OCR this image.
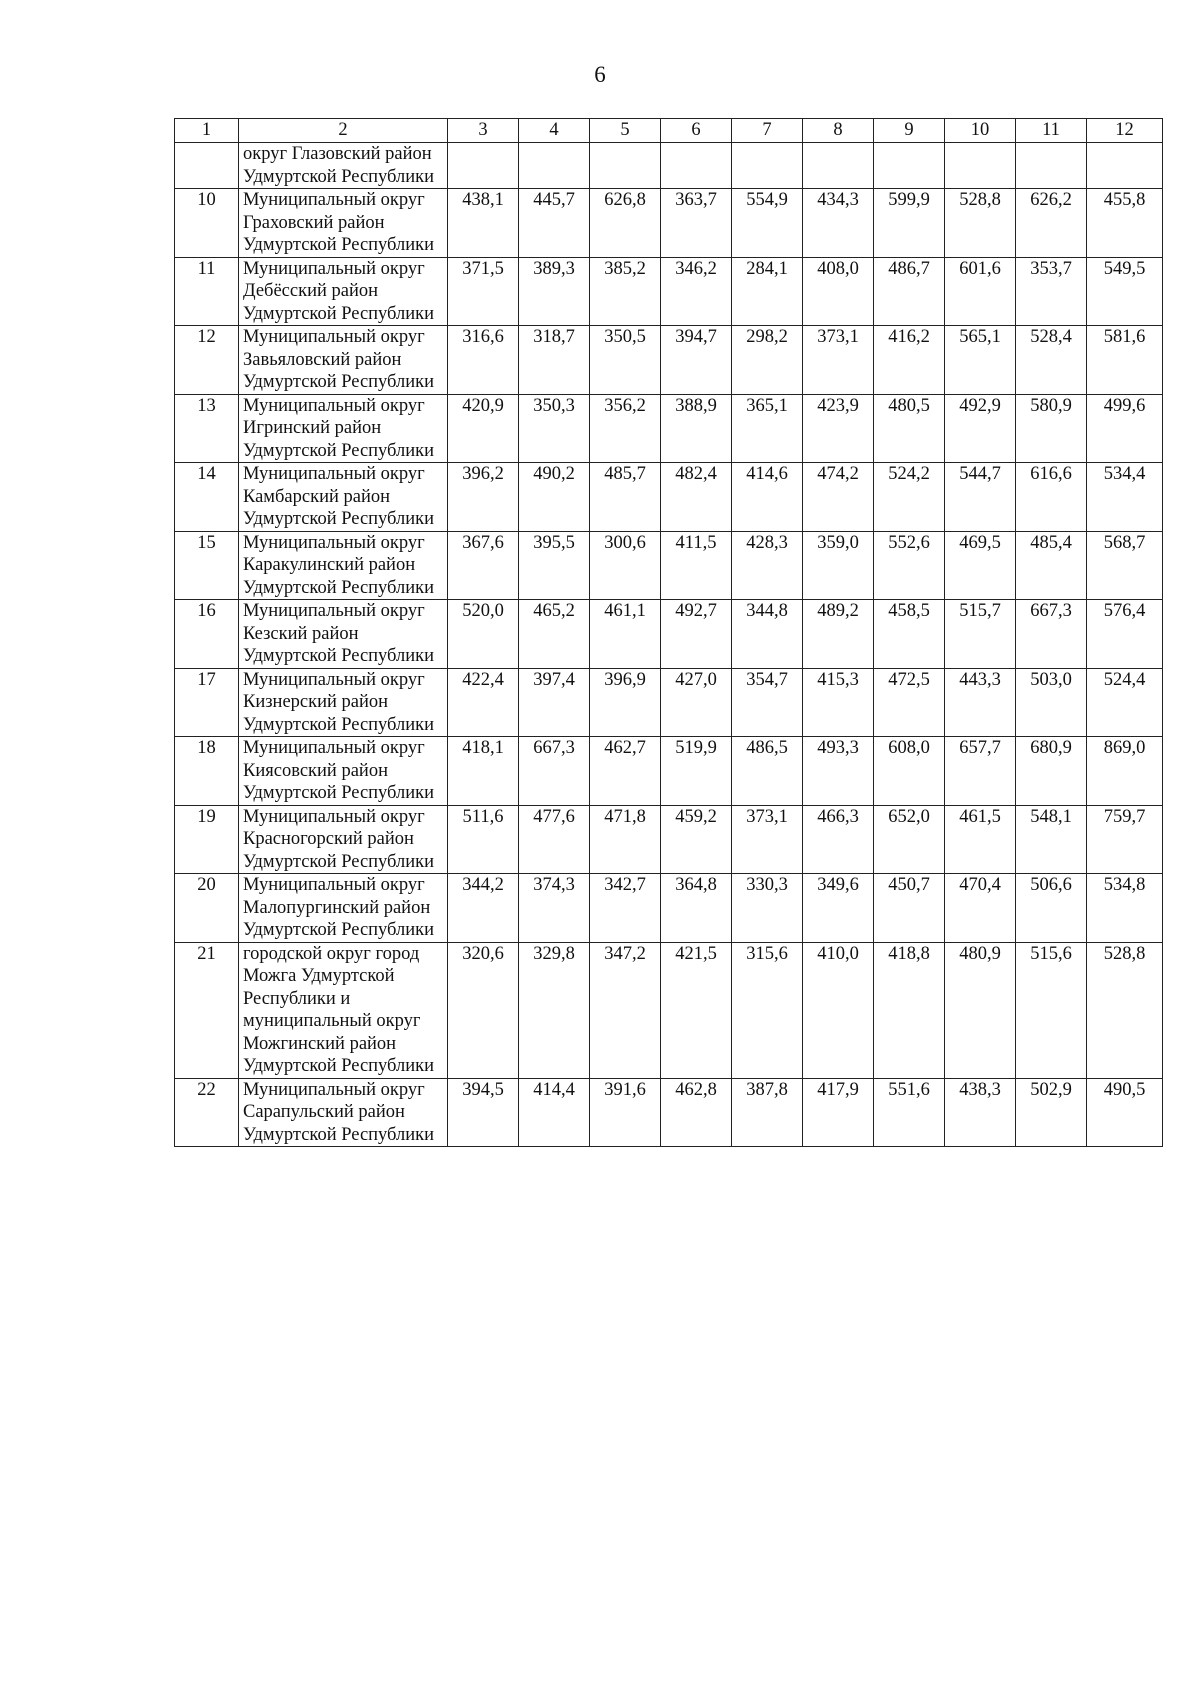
6
1	2	3	4	5	6	7	8	9	10	11	12
	округ Глазовский район Удмуртской Республики										
10	Муниципальный округ Граховский район Удмуртской Республики	438,1	445,7	626,8	363,7	554,9	434,3	599,9	528,8	626,2	455,8
11	Муниципальный округ Дебёсский район Удмуртской Республики	371,5	389,3	385,2	346,2	284,1	408,0	486,7	601,6	353,7	549,5
12	Муниципальный округ Завьяловский район Удмуртской Республики	316,6	318,7	350,5	394,7	298,2	373,1	416,2	565,1	528,4	581,6
13	Муниципальный округ Игринский район Удмуртской Республики	420,9	350,3	356,2	388,9	365,1	423,9	480,5	492,9	580,9	499,6
14	Муниципальный округ Камбарский район Удмуртской Республики	396,2	490,2	485,7	482,4	414,6	474,2	524,2	544,7	616,6	534,4
15	Муниципальный округ Каракулинский район Удмуртской Республики	367,6	395,5	300,6	411,5	428,3	359,0	552,6	469,5	485,4	568,7
16	Муниципальный округ Кезский район Удмуртской Республики	520,0	465,2	461,1	492,7	344,8	489,2	458,5	515,7	667,3	576,4
17	Муниципальный округ Кизнерский район Удмуртской Республики	422,4	397,4	396,9	427,0	354,7	415,3	472,5	443,3	503,0	524,4
18	Муниципальный округ Киясовский район Удмуртской Республики	418,1	667,3	462,7	519,9	486,5	493,3	608,0	657,7	680,9	869,0
19	Муниципальный округ Красногорский район Удмуртской Республики	511,6	477,6	471,8	459,2	373,1	466,3	652,0	461,5	548,1	759,7
20	Муниципальный округ Малопургинский район Удмуртской Республики	344,2	374,3	342,7	364,8	330,3	349,6	450,7	470,4	506,6	534,8
21	городской округ город Можга Удмуртской Республики и муниципальный округ Можгинский район Удмуртской Республики	320,6	329,8	347,2	421,5	315,6	410,0	418,8	480,9	515,6	528,8
22	Муниципальный округ Сарапульский район Удмуртской Республики	394,5	414,4	391,6	462,8	387,8	417,9	551,6	438,3	502,9	490,5
